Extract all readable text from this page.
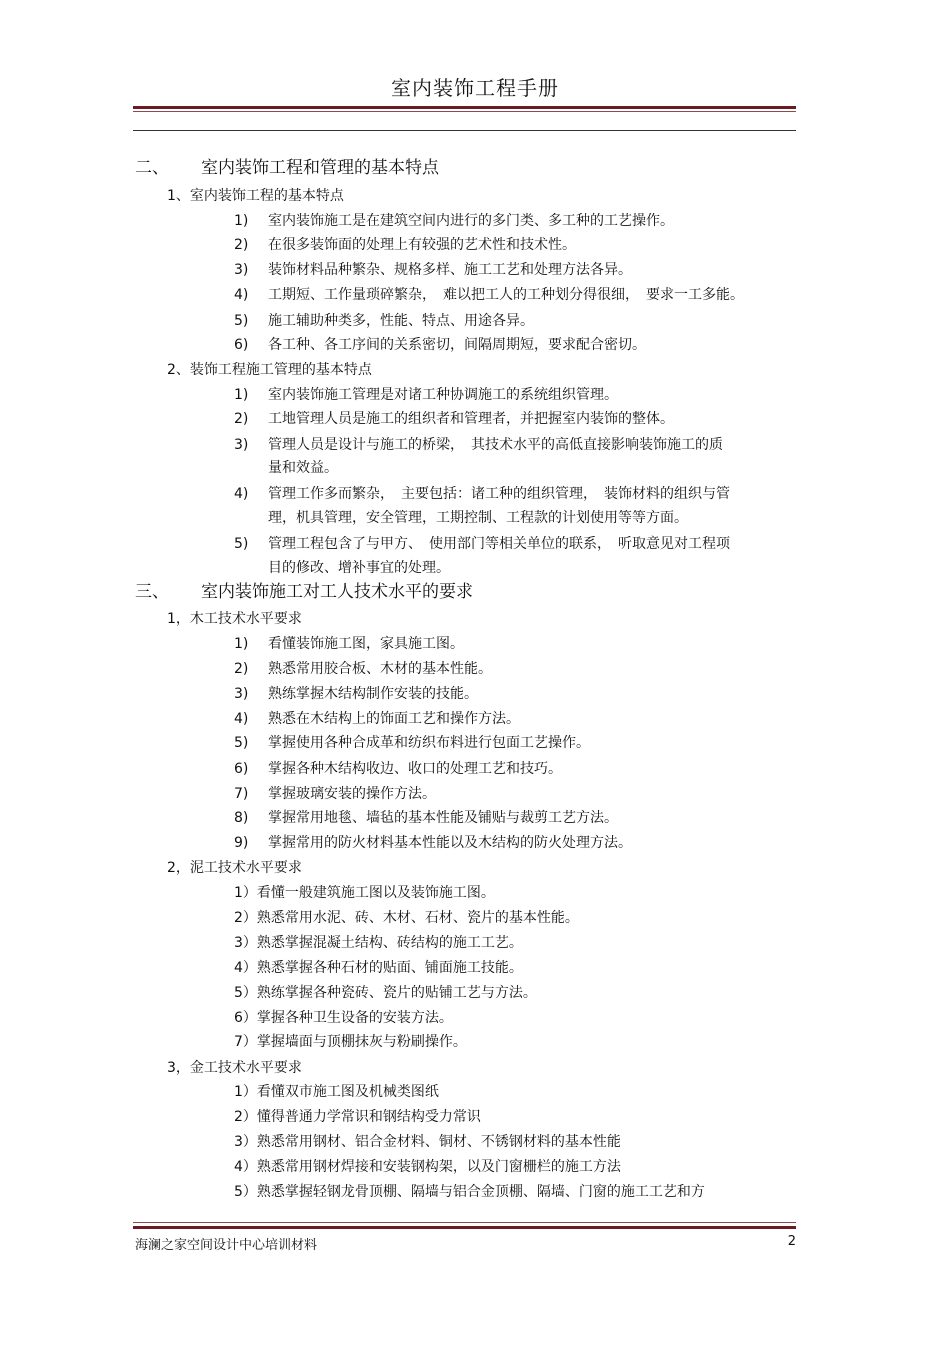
室内装饰工程手册
二、 室内装饰工程和管理的基本特点
1、室内装饰工程的基本特点
1) 室内装饰施工是在建筑空间内进行的多门类、多工种的工艺操作。
2) 在很多装饰面的处理上有较强的艺术性和技术性。
3) 装饰材料品种繁杂、规格多样、施工工艺和处理方法各异。
4) 工期短、工作量琐碎繁杂，　难以把工人的工种划分得很细，　要求一工多能。
5) 施工辅助种类多，性能、特点、用途各异。
6) 各工种、各工序间的关系密切，间隔周期短，要求配合密切。
2、装饰工程施工管理的基本特点
1) 室内装饰施工管理是对诸工种协调施工的系统组织管理。
2) 工地管理人员是施工的组织者和管理者，并把握室内装饰的整体。
3) 管理人员是设计与施工的桥梁，　其技术水平的高低直接影响装饰施工的质
量和效益。
4) 管理工作多而繁杂，　主要包括：诸工种的组织管理，　装饰材料的组织与管
理，机具管理，安全管理，工期控制、工程款的计划使用等等方面。
5) 管理工程包含了与甲方、　使用部门等相关单位的联系，　听取意见对工程项
目的修改、增补事宜的处理。
三、 室内装饰施工对工人技术水平的要求
1，木工技术水平要求
1) 看懂装饰施工图，家具施工图。
2) 熟悉常用胶合板、木材的基本性能。
3) 熟练掌握木结构制作安装的技能。
4) 熟悉在木结构上的饰面工艺和操作方法。
5) 掌握使用各种合成革和纺织布料进行包面工艺操作。
6) 掌握各种木结构收边、收口的处理工艺和技巧。
7) 掌握玻璃安装的操作方法。
8) 掌握常用地毯、墙毡的基本性能及铺贴与裁剪工艺方法。
9) 掌握常用的防火材料基本性能以及木结构的防火处理方法。
2，泥工技术水平要求
1）看懂一般建筑施工图以及装饰施工图。
2）熟悉常用水泥、砖、木材、石材、瓷片的基本性能。
3）熟悉掌握混凝土结构、砖结构的施工工艺。
4）熟悉掌握各种石材的贴面、铺面施工技能。
5）熟练掌握各种瓷砖、瓷片的贴铺工艺与方法。
6）掌握各种卫生设备的安装方法。
7）掌握墙面与顶棚抹灰与粉刷操作。
3，金工技术水平要求
1）看懂双市施工图及机械类图纸
2）懂得普通力学常识和钢结构受力常识
3）熟悉常用钢材、铝合金材料、铜材、不锈钢材料的基本性能
4）熟悉常用钢材焊接和安装钢构架，以及门窗栅栏的施工方法
5）熟悉掌握轻钢龙骨顶棚、隔墙与铝合金顶棚、隔墙、门窗的施工工艺和方
海澜之家空间设计中心培训材料	2
